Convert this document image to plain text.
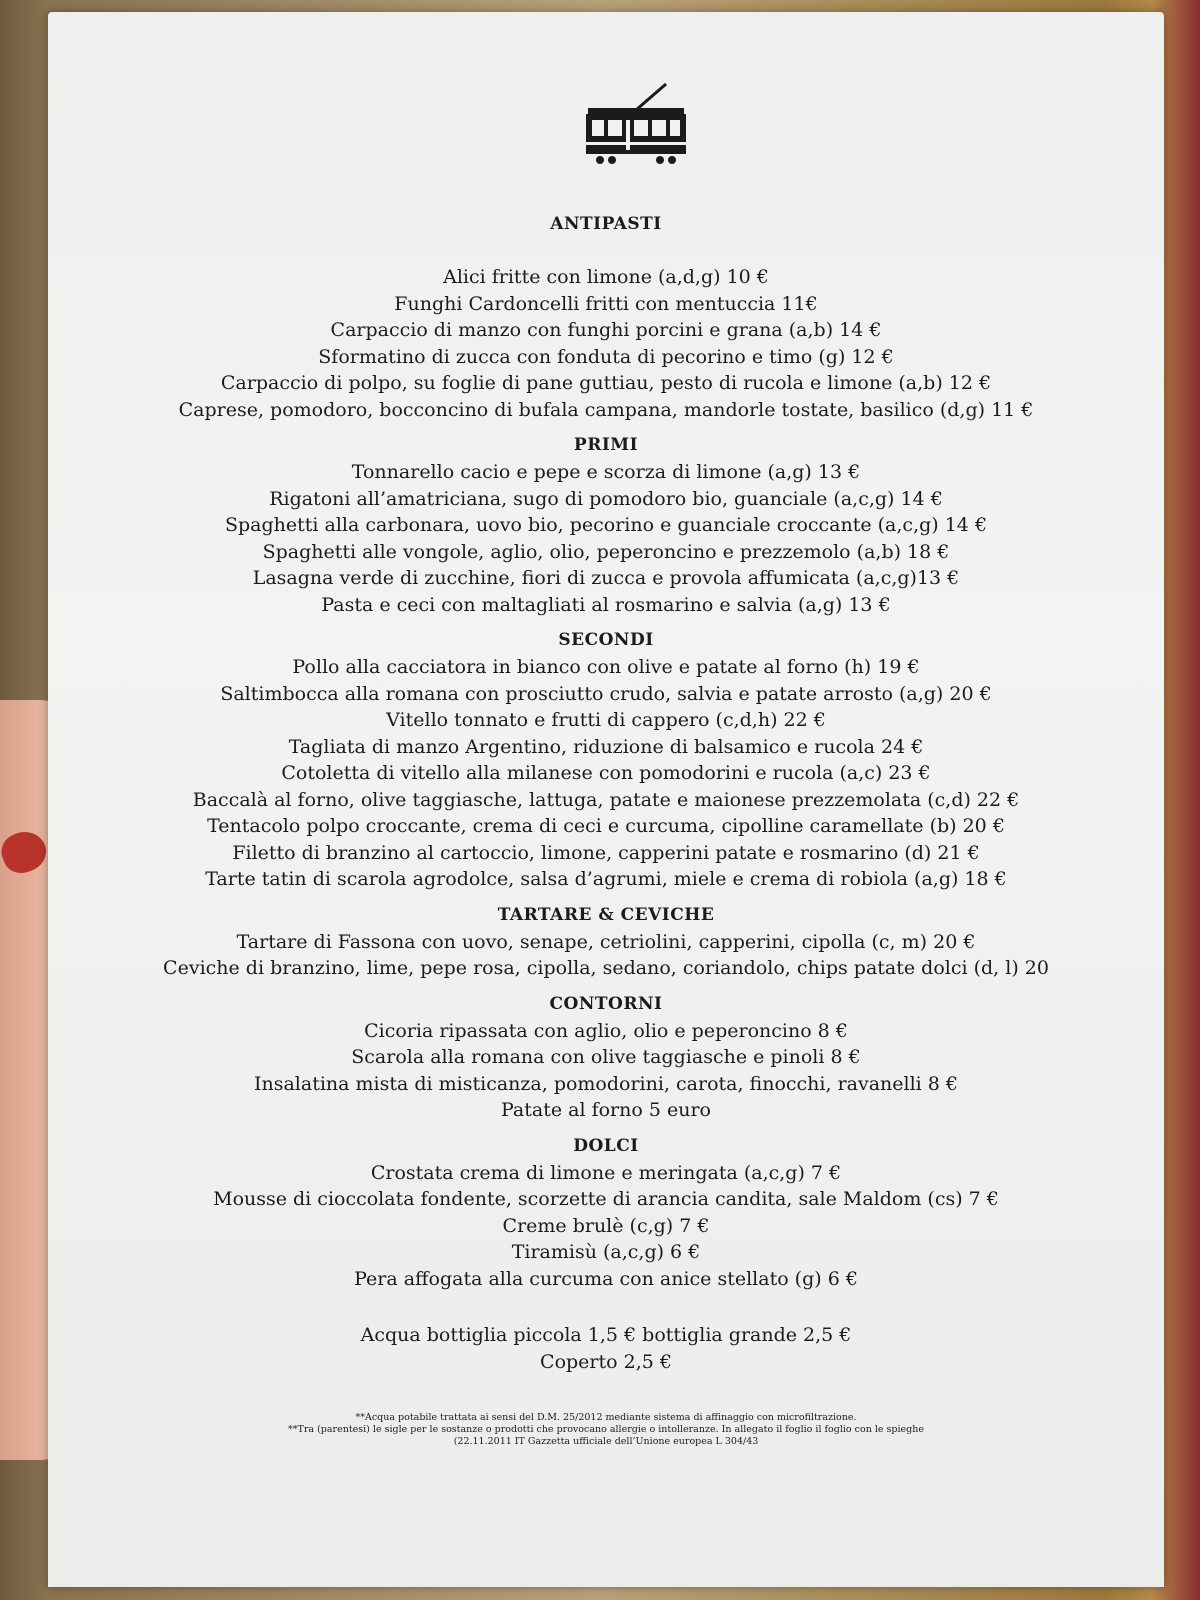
ANTIPASTI

Alici fritte con limone (a,d,g) 10 €

Funghi Cardoncelli fritti con mentuccia 11€

Carpaccio di manzo con funghi porcini e grana (a,b) 14 €

Sformatino di zucca con fonduta di pecorino e timo (g) 12 €

Carpaccio di polpo, su foglie di pane guttiau, pesto di rucola e limone (a,b) 12 €

Caprese, pomodoro, bocconcino di bufala campana, mandorle tostate, basilico (d,g) 11 €

PRIMI

Tonnarello cacio e pepe e scorza di limone (a,g) 13 €

Rigatoni all’amatriciana, sugo di pomodoro bio, guanciale (a,c,g) 14 €

Spaghetti alla carbonara, uovo bio, pecorino e guanciale croccante (a,c,g) 14 €

Spaghetti alle vongole, aglio, olio, peperoncino e prezzemolo (a,b) 18 €

Lasagna verde di zucchine, fiori di zucca e provola affumicata (a,c,g)13 €

Pasta e ceci con maltagliati al rosmarino e salvia (a,g) 13 €

SECONDI

Pollo alla cacciatora in bianco con olive e patate al forno (h) 19 €

Saltimbocca alla romana con prosciutto crudo, salvia e patate arrosto (a,g) 20 €

Vitello tonnato e frutti di cappero (c,d,h) 22 €

Tagliata di manzo Argentino, riduzione di balsamico e rucola 24 €

Cotoletta di vitello alla milanese con pomodorini e rucola (a,c) 23 €

Baccalà al forno, olive taggiasche, lattuga, patate e maionese prezzemolata (c,d) 22 €

Tentacolo polpo croccante, crema di ceci e curcuma, cipolline caramellate (b) 20 €

Filetto di branzino al cartoccio, limone, capperini patate e rosmarino (d) 21 €

Tarte tatin di scarola agrodolce, salsa d’agrumi, miele e crema di robiola (a,g) 18 €

TARTARE & CEVICHE

Tartare di Fassona con uovo, senape, cetriolini, capperini, cipolla (c, m) 20 €

Ceviche di branzino, lime, pepe rosa, cipolla, sedano, coriandolo, chips patate dolci (d, l) 20

CONTORNI

Cicoria ripassata con aglio, olio e peperoncino 8 €

Scarola alla romana con olive taggiasche e pinoli 8 €

Insalatina mista di misticanza, pomodorini, carota, finocchi, ravanelli 8 €

Patate al forno 5 euro

DOLCI

Crostata crema di limone e meringata (a,c,g) 7 €

Mousse di cioccolata fondente, scorzette di arancia candita, sale Maldom (cs) 7 €

Creme brulè (c,g) 7 €

Tiramisù (a,c,g) 6 €

Pera affogata alla curcuma con anice stellato (g) 6 €

Acqua bottiglia piccola 1,5 € bottiglia grande 2,5 €

Coperto 2,5 €

**Acqua potabile trattata ai sensi del D.M. 25/2012 mediante sistema di affinaggio con microfiltrazione.

**Tra (parentesi) le sigle per le sostanze o prodotti che provocano allergie o intolleranze. In allegato il foglio il foglio con le spieghe

(22.11.2011 IT Gazzetta ufficiale dell’Unione europea L 304/43
